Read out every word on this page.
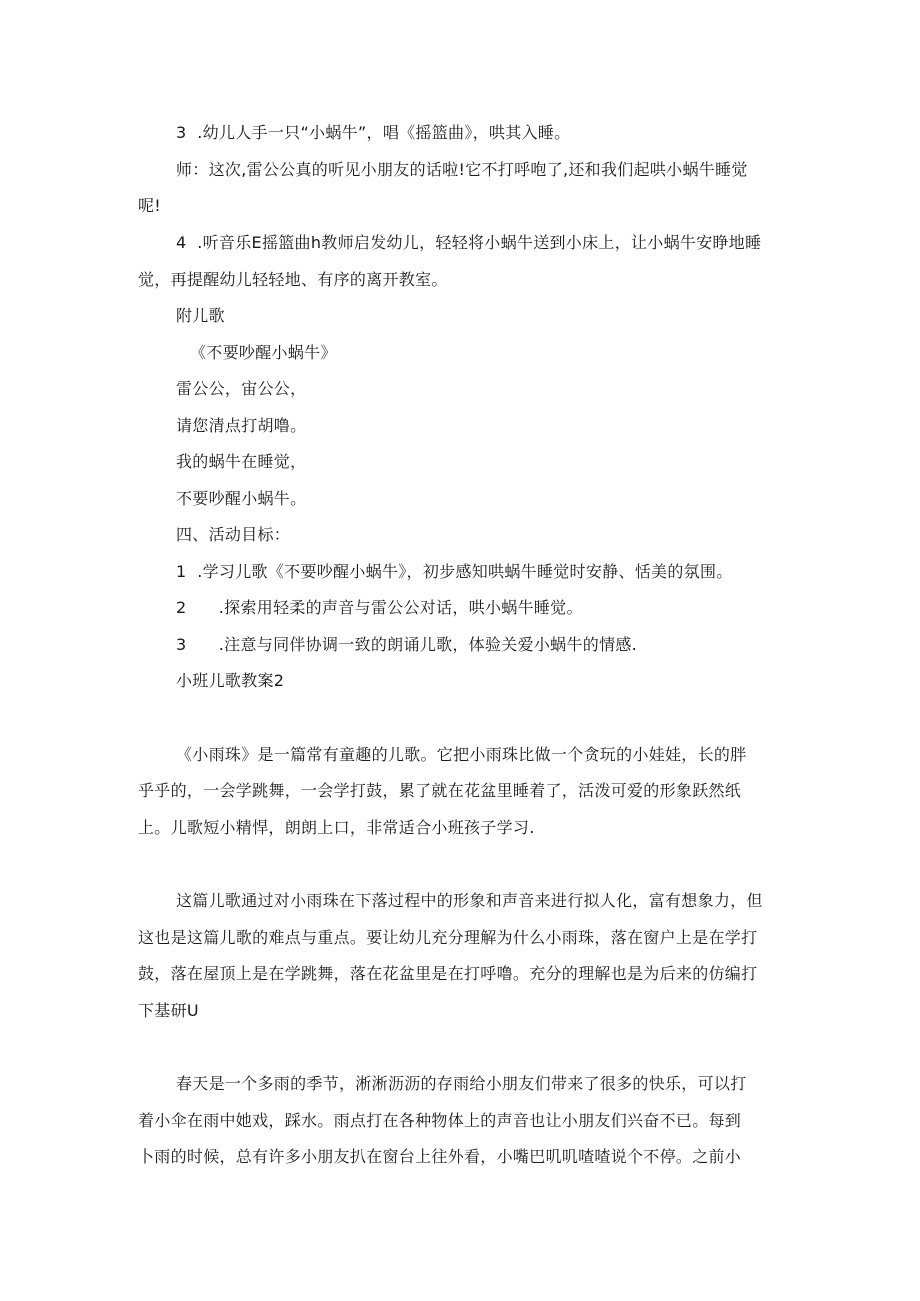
3  .幼儿人手一只“小蜗牛”，唱《摇篮曲》，哄其入睡。
师：这次,雷公公真的听见小朋友的话啦!它不打呼咆了,还和我们起哄小蜗牛睡觉
呢!
4  .听音乐E摇篮曲h教师启发幼儿，轻轻将小蜗牛送到小床上，让小蜗牛安睁地睡
觉，再提醒幼儿轻轻地、有序的离开教室。
附儿歌
《不要吵醒小蜗牛》
雷公公，宙公公，
请您清点打胡噜。
我的蜗牛在睡觉，
不要吵醒小蜗牛。
四、活动目标：
1  .学习儿歌《不要吵醒小蜗牛》，初步感知哄蜗牛睡觉时安静、恬美的氛围。
2      .探索用轻柔的声音与雷公公对话，哄小蜗牛睡觉。
3      .注意与同伴协调一致的朗诵儿歌，体验关爱小蜗牛的情感.
小班儿歌教案2
《小雨珠》是一篇常有童趣的儿歌。它把小雨珠比做一个贪玩的小娃娃，长的胖
乎乎的，一会学跳舞，一会学打鼓，累了就在花盆里睡着了，活泼可爱的形象跃然纸
上。儿歌短小精悍，朗朗上口，非常适合小班孩子学习.
这篇儿歌通过对小雨珠在下落过程中的形象和声音来进行拟人化，富有想象力，但
这也是这篇儿歌的难点与重点。要让幼儿充分理解为什么小雨珠，落在窗户上是在学打
鼓，落在屋顶上是在学跳舞，落在花盆里是在打呼噜。充分的理解也是为后来的仿编打
下基研U
春天是一个多雨的季节，淅淅沥沥的存雨给小朋友们带来了很多的快乐，可以打
着小伞在雨中她戏，踩水。雨点打在各种物体上的声音也让小朋友们兴奋不已。每到
卜雨的时候，总有许多小朋友扒在窗台上往外看，小嘴巴叽叽喳喳说个不停。之前小
